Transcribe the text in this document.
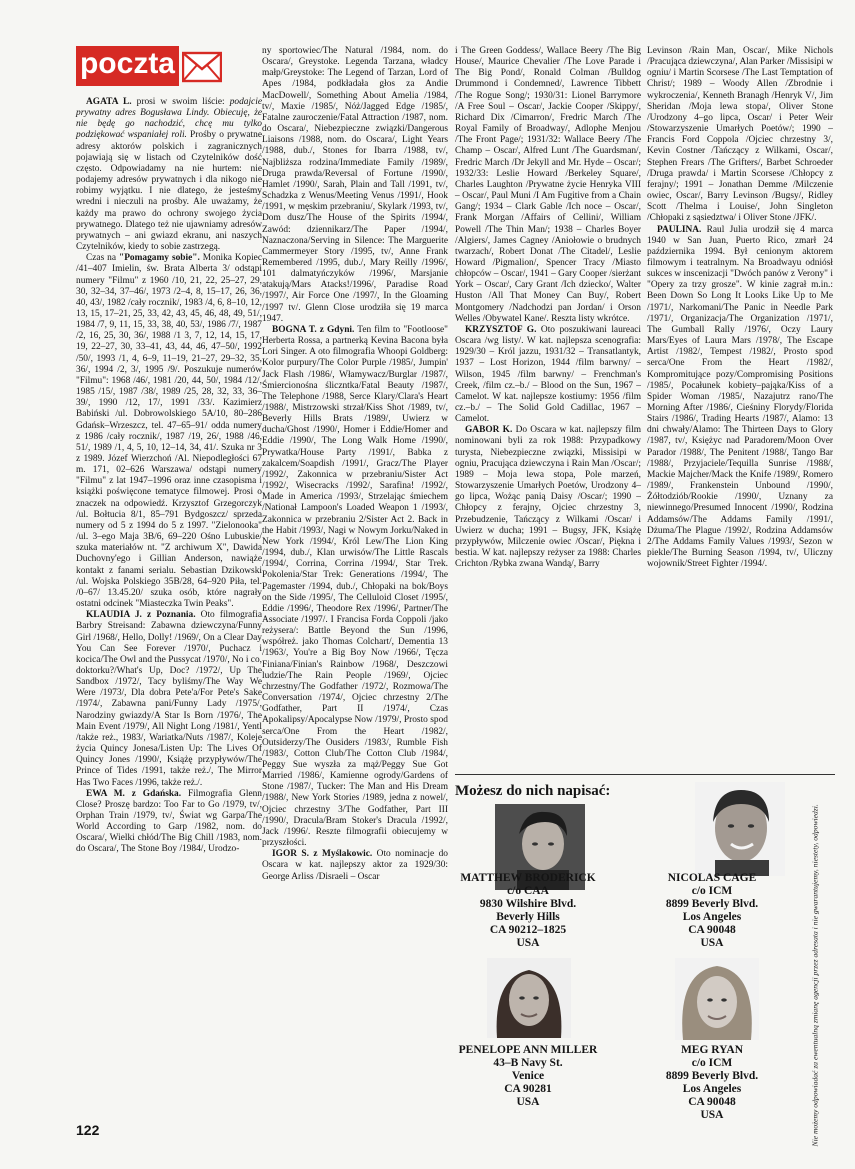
poczta

AGATA L. prosi w swoim liście: podajcie prywatny adres Bogusława Lindy. Obiecuję, że nie będę go nachodzić, chcę mu tylko podziękować wspaniałej roli. Prośby o prywatne adresy aktorów polskich i zagranicznych pojawiają się w listach od Czytelników dość często. Odpowiadamy na nie hurtem: nie podajemy adresów prywatnych i dla nikogo nie robimy wyjątku. I nie dlatego, że jesteśmy wredni i nieczuli na prośby. Ale uważamy, że każdy ma prawo do ochrony swojego życia prywatnego. Dlatego też nie ujawniamy adresów prywatnych – ani gwiazd ekranu, ani naszych Czytelników, kiedy to sobie zastrzegą.

Czas na "Pomagamy sobie". Monika Kopiec /41–407 Imielin, św. Brata Alberta 3/ odstąpi numery "Filmu" z 1960 /10, 21, 22, 25–27, 29, 30, 32–34, 37–46/, 1973 /2–4, 8, 15–17, 26, 36, 40, 43/, 1982 /cały rocznik/, 1983 /4, 6, 8–10, 12, 13, 15, 17–21, 25, 33, 42, 43, 45, 46, 48, 49, 51/, 1984 /7, 9, 11, 15, 33, 38, 40, 53/, 1986 /7/, 1987 /2, 16, 25, 30, 36/, 1988 /1 3, 7, 12, 14, 15, 17, 19, 22–27, 30, 33–41, 43, 44, 46, 47–50/, 1992 /50/, 1993 /1, 4, 6–9, 11–19, 21–27, 29–32, 35, 36/, 1994 /2, 3/, 1995 /9/. Poszukuje numerów "Filmu": 1968 /46/, 1981 /20, 44, 50/, 1984 /12/, 1985 /15/, 1987 /38/, 1989 /25, 28, 32, 33, 36–39/, 1990 /12, 17/, 1991 /33/. Kazimierz Babiński /ul. Dobrowolskiego 5A/10, 80–286 Gdańsk–Wrzeszcz, tel. 47–65–91/ odda numery z 1986 /cały rocznik/, 1987 /19, 26/, 1988 /46, 51/, 1989 /1, 4, 5, 10, 12–14, 34, 41/. Szuka nr 3 z 1989. Józef Wierzchoń /Al. Niepodległości 67 m. 171, 02–626 Warszawa/ odstąpi numery "Filmu" z lat 1947–1996 oraz inne czasopisma i książki poświęcone tematyce filmowej. Prosi o znaczek na odpowiedź. Krzysztof Grzegorczyk /ul. Bołtucia 8/1, 85–791 Bydgoszcz/ sprzeda numery od 5 z 1994 do 5 z 1997. "Zielonooka" /ul. 3–ego Maja 3B/6, 69–220 Ośno Lubuskie/ szuka materiałów nt. "Z archiwum X", Dawida Duchovny'ego i Gillian Anderson, nawiąże kontakt z fanami serialu. Sebastian Dzikowski /ul. Wojska Polskiego 35B/28, 64–920 Piła, tel. /0–67/ 13.45.20/ szuka osób, które nagrały ostatni odcinek "Miasteczka Twin Peaks".

KLAUDIA J. z Poznania. Oto filmografia Barbry Streisand: Zabawna dziewczyna/Funny Girl /1968/, Hello, Dolly! /1969/, On a Clear Day You Can See Forever /1970/, Puchacz i kocica/The Owl and the Pussycat /1970/, No i co, doktorku?/What's Up, Doc? /1972/, Up The Sandbox /1972/, Tacy byliśmy/The Way We Were /1973/, Dla dobra Pete'a/For Pete's Sake /1974/, Zabawna pani/Funny Lady /1975/, Narodziny gwiazdy/A Star Is Born /1976/, The Main Event /1979/, All Night Long /1981/, Yentl /także reż., 1983/, Wariatka/Nuts /1987/, Koleje życia Quincy Jonesa/Listen Up: The Lives Of Quincy Jones /1990/, Książę przypływów/The Prince of Tides /1991, także reż./, The Mirror Has Two Faces /1996, także reż./.

EWA M. z Gdańska. Filmografia Glenn Close? Proszę bardzo: Too Far to Go /1979, tv/, Orphan Train /1979, tv/, Świat wg Garpa/The World According to Garp /1982, nom. do Oscara/, Wielki chłód/The Big Chill /1983, nom. do Oscara/, The Stone Boy /1984/, Urodzo-

ny sportowiec/The Natural /1984, nom. do Oscara/, Greystoke. Legenda Tarzana, władcy małp/Greystoke: The Legend of Tarzan, Lord of Apes /1984, podkładała głos za Andie MacDowell/, Something About Amelia /1984, tv/, Maxie /1985/, Nóż/Jagged Edge /1985/, Fatalne zauroczenie/Fatal Attraction /1987, nom. do Oscara/, Niebezpieczne związki/Dangerous Liaisons /1988, nom. do Oscara/, Light Years /1988, dub./, Stones for Ibarra /1988, tv/, Najbliższa rodzina/Immediate Family /1989/, Druga prawda/Reversal of Fortune /1990/, Hamlet /1990/, Sarah, Plain and Tall /1991, tv/, Schadzka z Wenus/Meeting Venus /1991/, Hook /1991, w męskim przebraniu/, Skylark /1993, tv/, Dom dusz/The House of the Spirits /1994/, Zawód: dziennikarz/The Paper /1994/, Naznaczona/Serving in Silence: The Marguerite Cammermeyer Story /1995, tv/, Anne Frank Remembered /1995, dub./, Mary Reilly /1996/, 101 dalmatyńczyków /1996/, Marsjanie atakują/Mars Atacks!/1996/, Paradise Road /1997/, Air Force One /1997/, In the Gloaming /1997 tv/. Glenn Close urodziła się 19 marca 1947.

BOGNA T. z Gdyni. Ten film to "Footloose" Herberta Rossa, a partnerką Kevina Bacona była Lori Singer. A oto filmografia Whoopi Goldberg: Kolor purpury/The Color Purple /1985/, Jumpin' Jack Flash /1986/, Włamywacz/Burglar /1987/, Śmiercionośna śliczntka/Fatal Beauty /1987/, The Telephone /1988, Serce Klary/Clara's Heart /1988/, Mistrzowski strzał/Kiss Shot /1989, tv/, Beverly Hills Brats /1989/, Uwierz w ducha/Ghost /1990/, Homer i Eddie/Homer and Eddie /1990/, The Long Walk Home /1990/, Prywatka/House Party /1991/, Babka z zakalcem/Soapdish /1991/, Gracz/The Player /1992/, Zakonnica w przebraniu/Sister Act /1992/, Wisecracks /1992/, Sarafina! /1992/, Made in America /1993/, Strzelając śmiechem /Nationał Lampoon's Loaded Weapon 1 /1993/, Zakonnica w przebraniu 2/Sister Act 2. Back in the Habit /1993/, Nagi w Nowym Jorku/Naked in New York /1994/, Król Lew/The Lion King /1994, dub./, Klan urwisów/The Little Rascals /1994/, Corrina, Corrina /1994/, Star Trek. Pokolenia/Star Trek: Generations /1994/, The Pagemaster /1994, dub./, Chłopaki na bok/Boys on the Side /1995/, The Celluloid Closet /1995/, Eddie /1996/, Theodore Rex /1996/, Partner/The Associate /1997/. I Francisa Forda Coppoli /jako reżysera/: Battle Beyond the Sun /1996, współreż. jako Thomas Colchart/, Dementia 13 /1963/, You're a Big Boy Now /1966/, Tęcza Finiana/Finian's Rainbow /1968/, Deszczowi ludzie/The Rain People /1969/, Ojciec chrzestny/The Godfather /1972/, Rozmowa/The Conversation /1974/, Ojciec chrzestny 2/The Godfather, Part II /1974/, Czas Apokalipsy/Apocalypse Now /1979/, Prosto spod serca/One From the Heart /1982/, Outsiderzy/The Ousiders /1983/, Rumble Fish /1983/, Cotton Club/The Cotton Club /1984/, Peggy Sue wyszła za mąż/Peggy Sue Got Married /1986/, Kamienne ogrody/Gardens of Stone /1987/, Tucker: The Man and His Dream /1988/, New York Stories /1989, jedna z nowel/, Ojciec chrzestny 3/The Godfather, Part III /1990/, Dracula/Bram Stoker's Dracula /1992/, Jack /1996/. Reszte filmografii obiecujemy w przyszłości.

IGOR S. z Myślakowic. Oto nominacje do Oscara w kat. najlepszy aktor za 1929/30: George Arliss /Disraeli – Oscar

i The Green Goddess/, Wallace Beery /The Big House/, Maurice Chevalier /The Love Parade i The Big Pond/, Ronald Colman /Bulldog Drummond i Condemned/, Lawrence Tibbett /The Rogue Song/; 1930/31: Lionel Barrymore /A Free Soul – Oscar/, Jackie Cooper /Skippy/, Richard Dix /Cimarron/, Fredric March /The Royal Family of Broadway/, Adlophe Menjou /The Front Page/; 1931/32: Wallace Beery /The Champ – Oscar/, Alfred Lunt /The Guardsman/, Fredric March /Dr Jekyll and Mr. Hyde – Oscar/; 1932/33: Leslie Howard /Berkeley Square/, Charles Laughton /Prywatne życie Henryka VIII – Oscar/, Paul Muni /I Am Fugitive from a Chain Gang/; 1934 – Clark Gable /Ich noce – Oscar/, Frank Morgan /Affairs of Cellini/, William Powell /The Thin Man/; 1938 – Charles Boyer /Algiers/, James Cagney /Aniołowie o brudnych twarzach/, Robert Donat /The Citadel/, Leslie Howard /Pigmalion/, Spencer Tracy /Miasto chłopców – Oscar/, 1941 – Gary Cooper /sierżant York – Oscar/, Cary Grant /Ich dziecko/, Walter Huston /All That Money Can Buy/, Robert Montgomery /Nadchodzi pan Jordan/ i Orson Welles /Obywatel Kane/. Reszta listy wkrótce.

KRZYSZTOF G. Oto poszukiwani laureaci Oscara /wg listy/. W kat. najlepsza scenografia: 1929/30 – Król jazzu, 1931/32 – Transatlantyk, 1937 – Lost Horizon, 1944 /film barwny/ – Wilson, 1945 /film barwny/ – Frenchman's Creek, /film cz.–b./ – Blood on the Sun, 1967 – Camelot. W kat. najlepsze kostiumy: 1956 /film cz.–b./ – The Solid Gold Cadillac, 1967 – Camelot.

GABOR K. Do Oscara w kat. najlepszy film nominowani byli za rok 1988: Przypadkowy turysta, Niebezpieczne związki, Missisipi w ogniu, Pracująca dziewczyna i Rain Man /Oscar/; 1989 – Moja lewa stopa, Pole marzeń, Stowarzyszenie Umarłych Poetów, Urodzony 4–go lipca, Wożąc panią Daisy /Oscar/; 1990 – Chłopcy z ferajny, Ojciec chrzestny 3, Przebudzenie, Tańczący z Wilkami /Oscar/ i Uwierz w ducha; 1991 – Bugsy, JFK, Książę przypływów, Milczenie owiec /Oscar/, Piękna i bestia. W kat. najlepszy reżyser za 1988: Charles Crichton /Rybka zwana Wandą/, Barry

Levinson /Rain Man, Oscar/, Mike Nichols /Pracująca dziewczyna/, Alan Parker /Missisipi w ogniu/ i Martin Scorsese /The Last Temptation of Christ/; 1989 – Woody Allen /Zbrodnie i wykroczenia/, Kenneth Branagh /Henryk V/, Jim Sheridan /Moja lewa stopa/, Oliver Stone /Urodzony 4–go lipca, Oscar/ i Peter Weir /Stowarzyszenie Umarłych Poetów/; 1990 – Francis Ford Coppola /Ojciec chrzestny 3/, Kevin Costner /Tańczący z Wilkami, Oscar/, Stephen Frears /The Grifters/, Barbet Schroeder /Druga prawda/ i Martin Scorsese /Chłopcy z ferajny/; 1991 – Jonathan Demme /Milczenie owiec, Oscar/, Barry Levinson /Bugsy/, Ridley Scott /Thelma i Louise/, John Singleton /Chłopaki z sąsiedztwa/ i Oliver Stone /JFK/.

PAULINA. Raul Julia urodził się 4 marca 1940 w San Juan, Puerto Rico, zmarł 24 października 1994. Był cenionym aktorem filmowym i teatralnym. Na Broadwayu odniósł sukces w inscenizacji "Dwóch panów z Verony" i "Opery za trzy grosze". W kinie zagrał m.in.: Been Down So Long It Looks Like Up to Me /1971/, Narkomani/The Panic in Needle Park /1971/, Organizacja/The Organization /1971/, The Gumball Rally /1976/, Oczy Laury Mars/Eyes of Laura Mars /1978/, The Escape Artist /1982/, Tempest /1982/, Prosto spod serca/One From the Heart /1982/, Kompromitujące pozy/Compromising Positions /1985/, Pocałunek kobiety–pająka/Kiss of a Spider Woman /1985/, Nazajutrz rano/The Morning After /1986/, Cieśniny Florydy/Florida Stairs /1986/, Trading Hearts /1987/, Alamo: 13 dni chwały/Alamo: The Thirteen Days to Glory /1987, tv/, Księżyc nad Paradorem/Moon Over Parador /1988/, The Penitent /1988/, Tango Bar /1988/, Przyjaciele/Tequilla Sunrise /1988/, Mackie Majcher/Mack the Knife /1989/, Romero /1989/, Frankenstein Unbound /1990/, Żółtodziób/Rookie /1990/, Uznany za niewinnego/Presumed Innocent /1990/, Rodzina Addamsów/The Addams Family /1991/, Dżuma/The Plague /1992/, Rodzina Addamsów 2/The Addams Family Values /1993/, Sezon w piekle/The Burning Season /1994, tv/, Uliczny wojownik/Street Fighter /1994/.

Możesz do nich napisać:
MATTHEW BRODERICK
c/o CAA
9830 Wilshire Blvd.
Beverly Hills
CA 90212–1825
USA
NICOLAS CAGE
c/o ICM
8899 Beverly Blvd.
Los Angeles
CA 90048
USA
PENELOPE ANN MILLER
43–B Navy St.
Venice
CA 90281
USA
MEG RYAN
c/o ICM
8899 Beverly Blvd.
Los Angeles
CA 90048
USA	Nie możemy odpowiadać za ewentualną zmianę agencji przez adresata i nie gwarantujemy, niestety, odpowiedzi.
122
